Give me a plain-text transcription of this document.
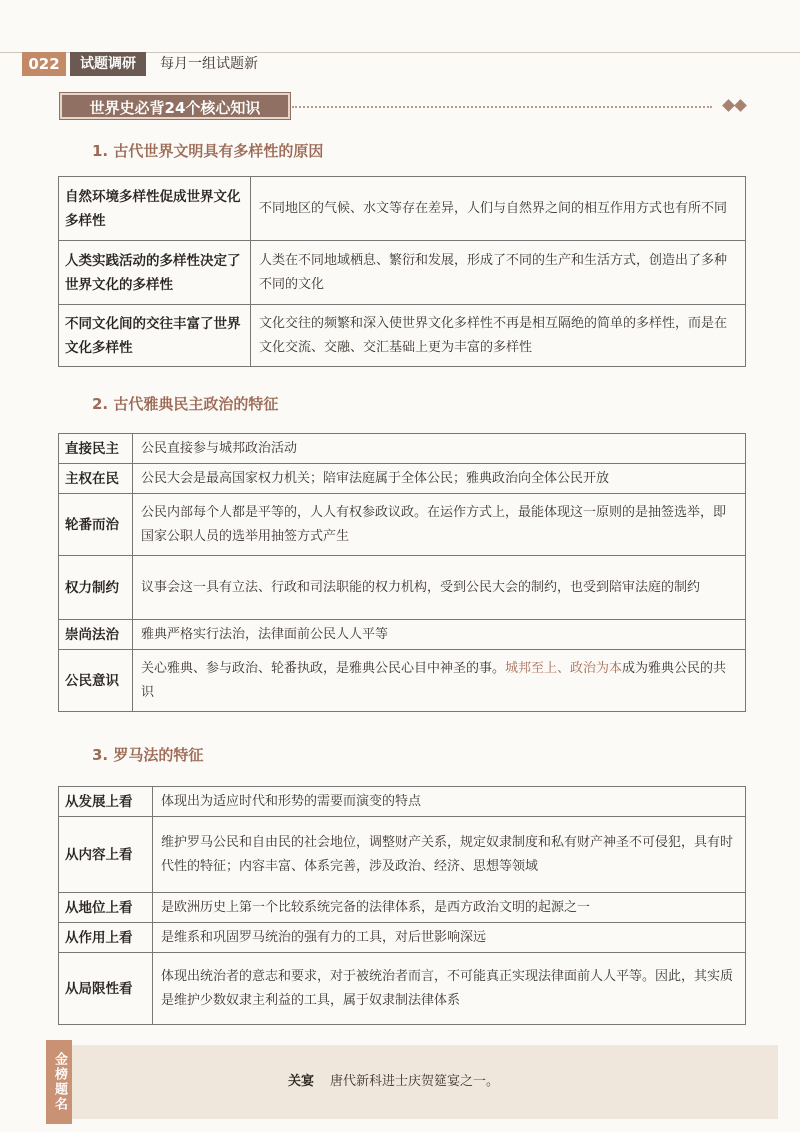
022	试题调研	每月一组试题新
世界史必背24个核心知识
1. 古代世界文明具有多样性的原因
自然环境多样性促成世界文化多样性	不同地区的气候、水文等存在差异，人们与自然界之间的相互作用方式也有所不同
人类实践活动的多样性决定了世界文化的多样性	人类在不同地域栖息、繁衍和发展，形成了不同的生产和生活方式，创造出了多种不同的文化
不同文化间的交往丰富了世界文化多样性	文化交往的频繁和深入使世界文化多样性不再是相互隔绝的简单的多样性，而是在文化交流、交融、交汇基础上更为丰富的多样性
2. 古代雅典民主政治的特征
直接民主	公民直接参与城邦政治活动
主权在民	公民大会是最高国家权力机关；陪审法庭属于全体公民；雅典政治向全体公民开放
轮番而治	公民内部每个人都是平等的，人人有权参政议政。在运作方式上，最能体现这一原则的是抽签选举，即国家公职人员的选举用抽签方式产生
权力制约	议事会这一具有立法、行政和司法职能的权力机构，受到公民大会的制约，也受到陪审法庭的制约
崇尚法治	雅典严格实行法治，法律面前公民人人平等
公民意识	关心雅典、参与政治、轮番执政，是雅典公民心目中神圣的事。城邦至上、政治为本成为雅典公民的共识
3. 罗马法的特征
从发展上看	体现出为适应时代和形势的需要而演变的特点
从内容上看	维护罗马公民和自由民的社会地位，调整财产关系，规定奴隶制度和私有财产神圣不可侵犯，具有时代性的特征；内容丰富、体系完善，涉及政治、经济、思想等领域
从地位上看	是欧洲历史上第一个比较系统完备的法律体系，是西方政治文明的起源之一
从作用上看	是维系和巩固罗马统治的强有力的工具，对后世影响深远
从局限性看	体现出统治者的意志和要求，对于被统治者而言，不可能真正实现法律面前人人平等。因此，其实质是维护少数奴隶主利益的工具，属于奴隶制法律体系
金榜题名	关宴 唐代新科进士庆贺筵宴之一。
